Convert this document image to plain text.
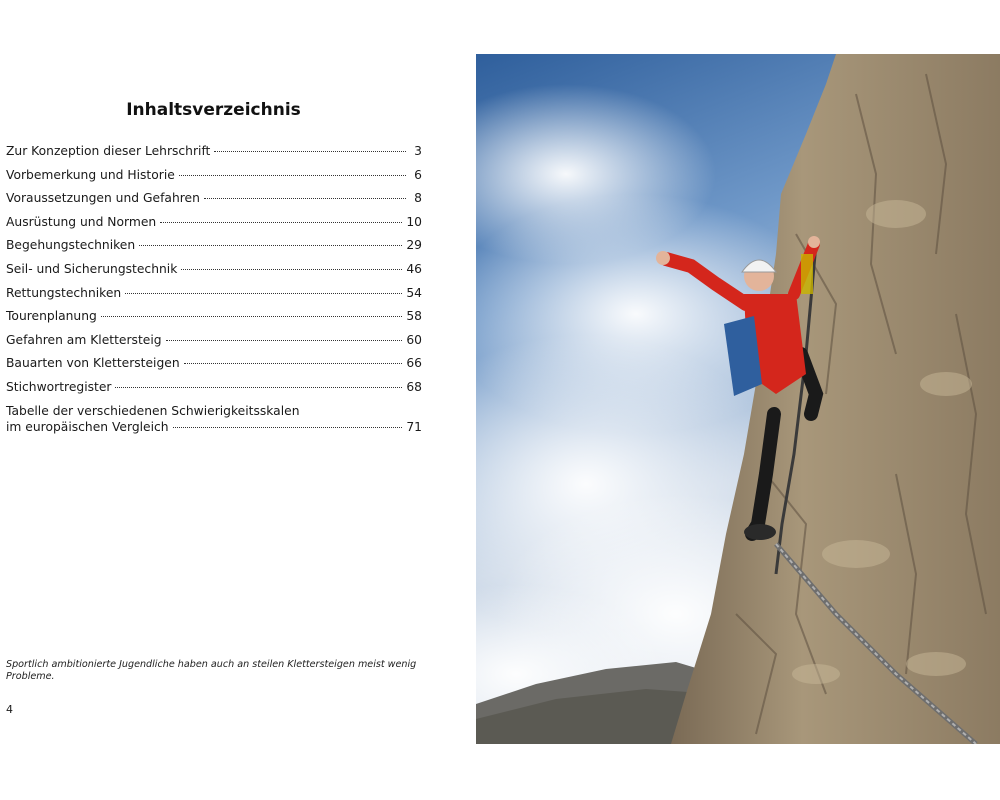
Inhaltsverzeichnis
Zur Konzeption dieser Lehrschrift	3
Vorbemerkung und Historie	6
Voraussetzungen und Gefahren	8
Ausrüstung und Normen	10
Begehungstechniken	29
Seil- und Sicherungstechnik	46
Rettungstechniken	54
Tourenplanung	58
Gefahren am Klettersteig	60
Bauarten von Klettersteigen	66
Stichwortregister	68
Tabelle der verschiedenen Schwierigkeitsskalen
im europäischen Vergleich	71

Sportlich ambitionierte Jugendliche haben auch an steilen Klettersteigen meist wenig Probleme.

4
